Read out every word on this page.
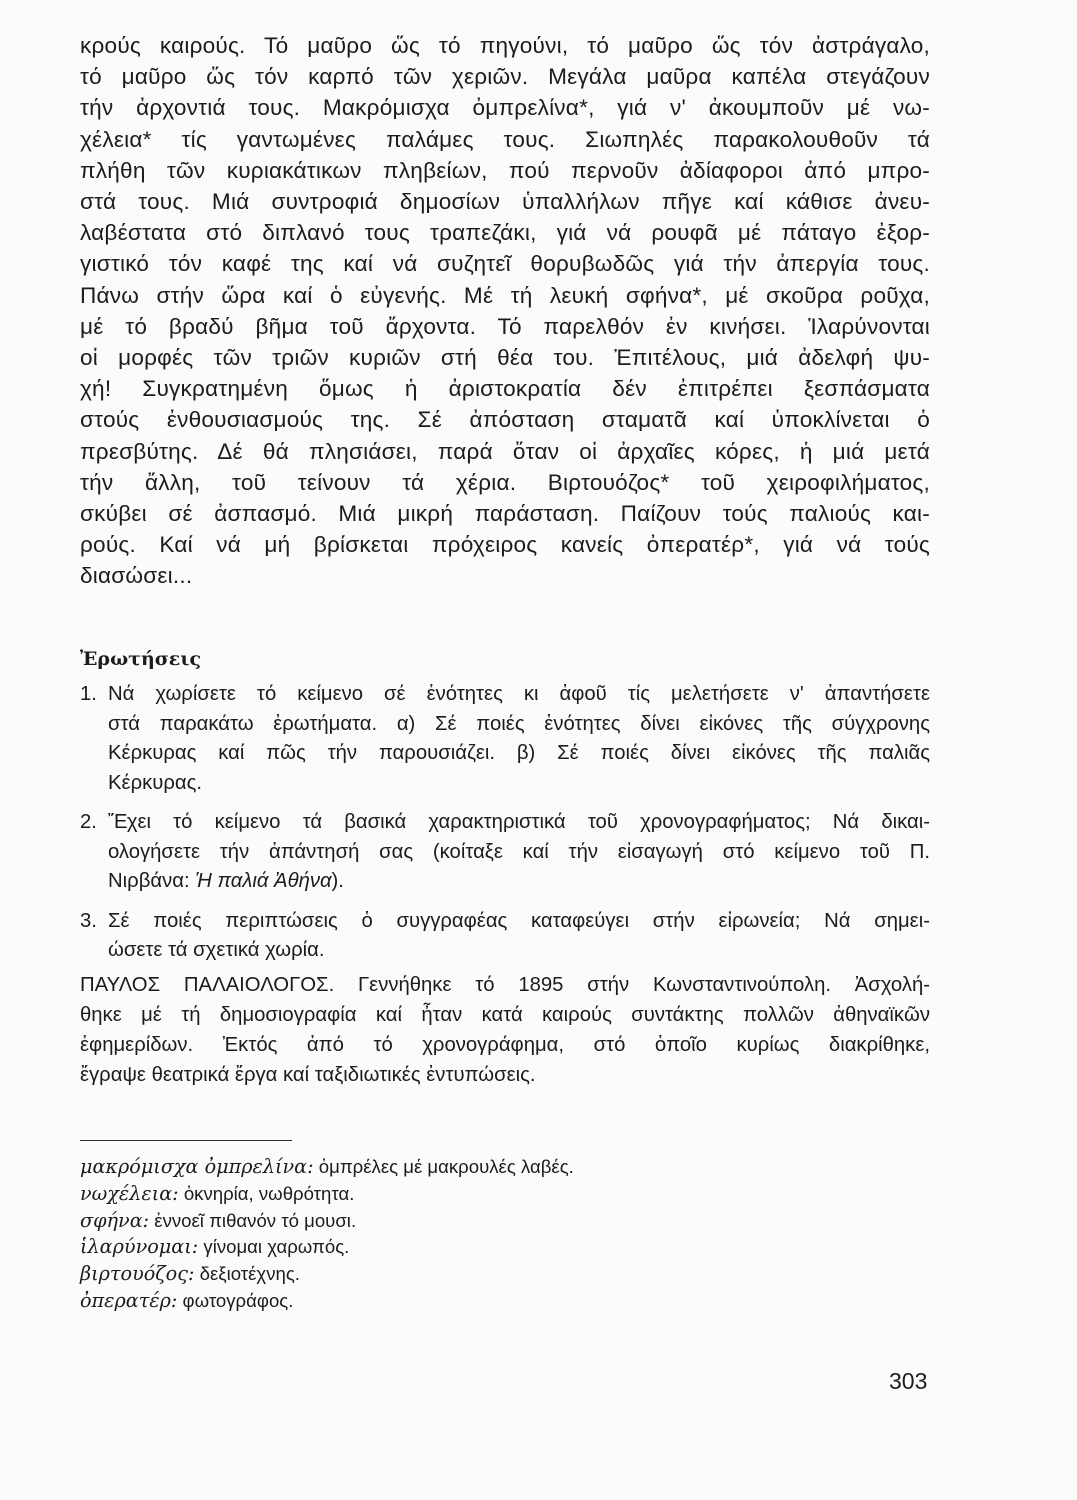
κρούς καιρούς. Τό μαῦρο ὥς τό πηγούνι, τό μαῦρο ὥς τόν ἀστράγαλο,
τό μαῦρο ὥς τόν καρπό τῶν χεριῶν. Μεγάλα μαῦρα καπέλα στεγάζουν
τήν ἀρχοντιά τους. Μακρόμισχα ὀμπρελίνα*, γιά ν' ἀκουμποῦν μέ νω-
χέλεια* τίς γαντωμένες παλάμες τους. Σιωπηλές παρακολουθοῦν τά
πλήθη τῶν κυριακάτικων πληβείων, πού περνοῦν ἀδίαφοροι ἀπό μπρο-
στά τους. Μιά συντροφιά δημοσίων ὑπαλλήλων πῆγε καί κάθισε ἀνευ-
λαβέστατα στό διπλανό τους τραπεζάκι, γιά νά ρουφᾶ μέ πάταγο ἐξορ-
γιστικό τόν καφέ της καί νά συζητεῖ θορυβωδῶς γιά τήν ἀπεργία τους.
Πάνω στήν ὥρα καί ὁ εὐγενής. Μέ τή λευκή σφήνα*, μέ σκοῦρα ροῦχα,
μέ τό βραδύ βῆμα τοῦ ἄρχοντα. Τό παρελθόν ἐν κινήσει. Ἱλαρύνονται
οἱ μορφές τῶν τριῶν κυριῶν στή θέα του. Ἐπιτέλους, μιά ἀδελφή ψυ-
χή! Συγκρατημένη ὅμως ἡ ἀριστοκρατία δέν ἐπιτρέπει ξεσπάσματα
στούς ἐνθουσιασμούς της. Σέ ἀπόσταση σταματᾶ καί ὑποκλίνεται ὁ
πρεσβύτης. Δέ θά πλησιάσει, παρά ὅταν οἱ ἀρχαῖες κόρες, ἡ μιά μετά
τήν ἄλλη, τοῦ τείνουν τά χέρια. Βιρτουόζος* τοῦ χειροφιλήματος,
σκύβει σέ ἀσπασμό. Μιά μικρή παράσταση. Παίζουν τούς παλιούς και-
ρούς. Καί νά μή βρίσκεται πρόχειρος κανείς ὀπερατέρ*, γιά νά τούς
διασώσει...
Ἐρωτήσεις
1. Νά χωρίσετε τό κείμενο σέ ἑνότητες κι ἀφοῦ τίς μελετήσετε ν' ἀπαντήσετε
στά παρακάτω ἐρωτήματα. α) Σέ ποιές ἑνότητες δίνει εἰκόνες τῆς σύγχρονης
Κέρκυρας καί πῶς τήν παρουσιάζει. β) Σέ ποιές δίνει εἰκόνες τῆς παλιᾶς
Κέρκυρας.
2. Ἔχει τό κείμενο τά βασικά χαρακτηριστικά τοῦ χρονογραφήματος; Νά δικαι-
ολογήσετε τήν ἀπάντησή σας (κοίταξε καί τήν εἰσαγωγή στό κείμενο τοῦ Π.
Νιρβάνα: Ἡ παλιά Ἀθήνα).
3. Σέ ποιές περιπτώσεις ὁ συγγραφέας καταφεύγει στήν εἰρωνεία; Νά σημει-
ώσετε τά σχετικά χωρία.
ΠΑΥΛΟΣ ΠΑΛΑΙΟΛΟΓΟΣ. Γεννήθηκε τό 1895 στήν Κωνσταντινούπολη. Ἀσχολή-
θηκε μέ τή δημοσιογραφία καί ἦταν κατά καιρούς συντάκτης πολλῶν ἀθηναϊκῶν
ἐφημερίδων. Ἐκτός ἀπό τό χρονογράφημα, στό ὁποῖο κυρίως διακρίθηκε,
ἔγραψε θεατρικά ἔργα καί ταξιδιωτικές ἐντυπώσεις.
μακρόμισχα ὀμπρελίνα: ὀμπρέλες μέ μακρουλές λαβές.
νωχέλεια: ὀκνηρία, νωθρότητα.
σφήνα: ἐννοεῖ πιθανόν τό μουσι.
ἱλαρύνομαι: γίνομαι χαρωπός.
βιρτουόζος: δεξιοτέχνης.
ὀπερατέρ: φωτογράφος.
303
